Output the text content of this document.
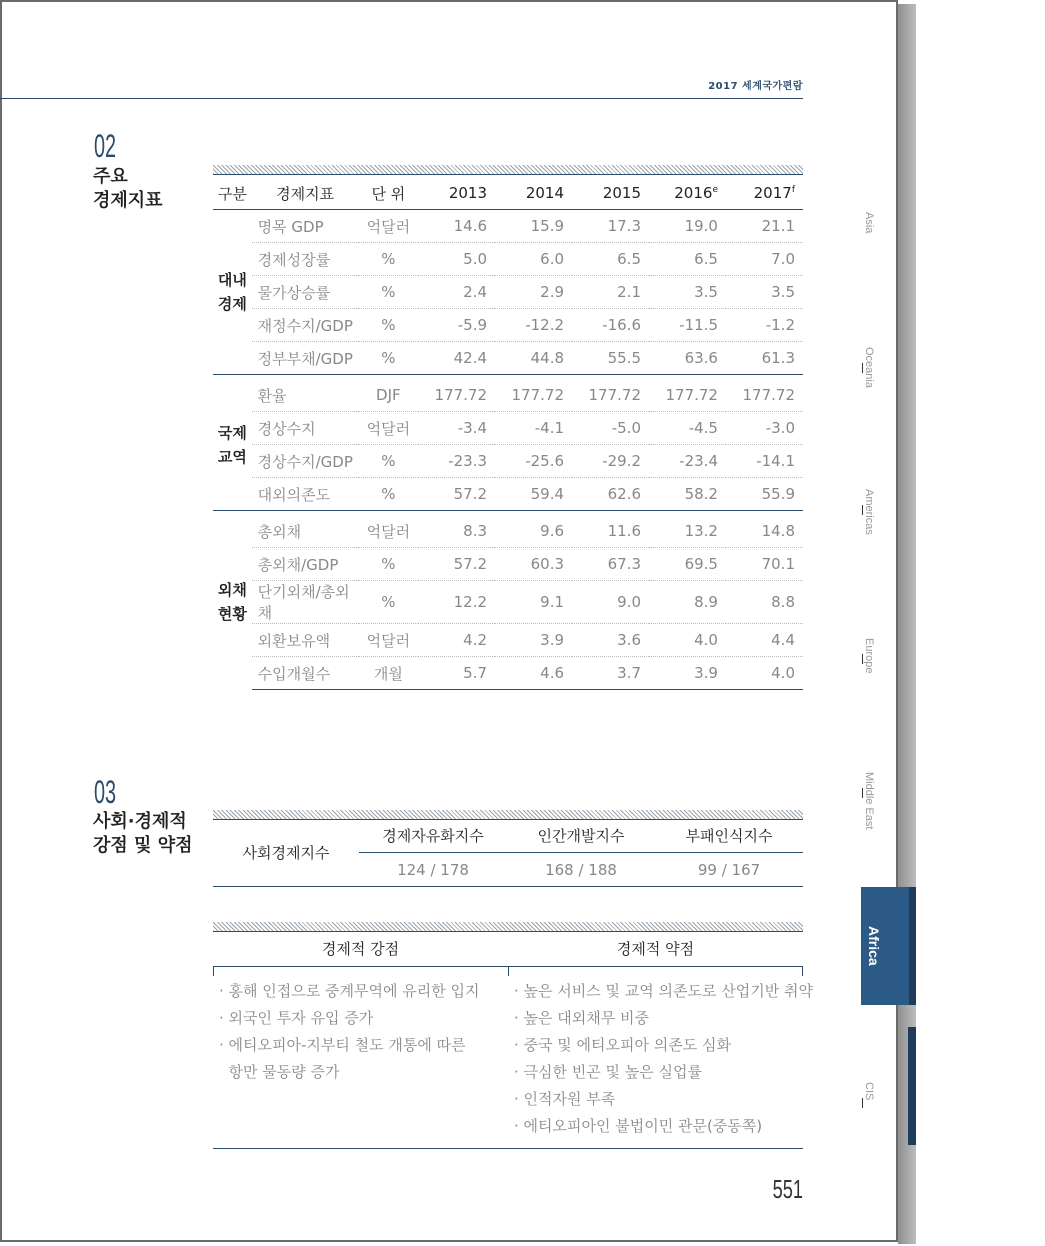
2017 세계국가편람
02
주요
경제지표	구분	경제지표	단 위	2013	2014	2015	2016e	2017$^f$

대내
경제	명목 GDP	억달러	14.6	15.9	17.3	19.0	21.1
	경제성장률	%	5.0	6.0	6.5	6.5	7.0
	물가상승률	%	2.4	2.9	2.1	3.5	3.5
	재정수지/GDP	%	-5.9	-12.2	-16.6	-11.5	-1.2
	정부부채/GDP	%	42.4	44.8	55.5	63.6	61.3

국제
교역	환율	DJF	177.72	177.72	177.72	177.72	177.72
	경상수지	억달러	-3.4	-4.1	-5.0	-4.5	-3.0
	경상수지/GDP	%	-23.3	-25.6	-29.2	-23.4	-14.1
	대외의존도	%	57.2	59.4	62.6	58.2	55.9

외채
현황	총외채	억달러	8.3	9.6	11.6	13.2	14.8
	총외채/GDP	%	57.2	60.3	67.3	69.5	70.1
	단기외채/총외채	%	12.2	9.1	9.0	8.9	8.8
	외환보유액	억달러	4.2	3.9	3.6	4.0	4.4
	수입개월수	개월	5.7	4.6	3.7	3.9	4.0
03
사회·경제적
강점 및 약점	사회경제지수
경제자유화지수	인간개발지수	부패인식지수
124 / 178	168 / 188	99 / 167
경제적 강점	경제적 약점
· 홍해 인접으로 중계무역에 유리한 입지
· 외국인 투자 유입 증가
· 에티오피아-지부티 철도 개통에 따른
항만 물동량 증가
· 높은 서비스 및 교역 의존도로 산업기반 취약
· 높은 대외채무 비중
· 중국 및 에티오피아 의존도 심화
· 극심한 빈곤 및 높은 실업률
· 인적자원 부족
· 에티오피아인 불법이민 관문(중동쪽)
Asia
Oceania
Americas
Europe
Middle East
CIS
Africa
551
